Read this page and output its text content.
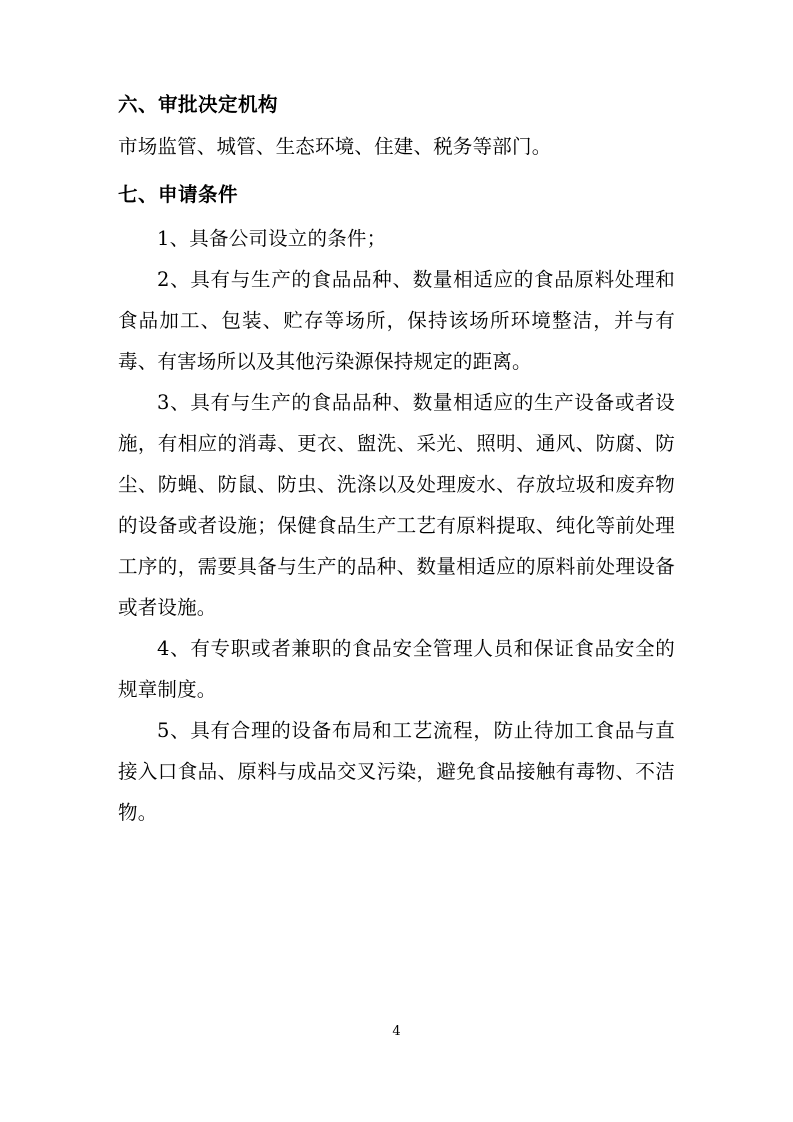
六、审批决定机构

市场监管、城管、生态环境、住建、税务等部门。

七、申请条件

1、具备公司设立的条件；

2、具有与生产的食品品种、数量相适应的食品原料处理和食品加工、包装、贮存等场所，保持该场所环境整洁，并与有毒、有害场所以及其他污染源保持规定的距离。

3、具有与生产的食品品种、数量相适应的生产设备或者设施，有相应的消毒、更衣、盥洗、采光、照明、通风、防腐、防尘、防蝇、防鼠、防虫、洗涤以及处理废水、存放垃圾和废弃物的设备或者设施；保健食品生产工艺有原料提取、纯化等前处理工序的，需要具备与生产的品种、数量相适应的原料前处理设备或者设施。

4、有专职或者兼职的食品安全管理人员和保证食品安全的规章制度。

5、具有合理的设备布局和工艺流程，防止待加工食品与直接入口食品、原料与成品交叉污染，避免食品接触有毒物、不洁物。

4
